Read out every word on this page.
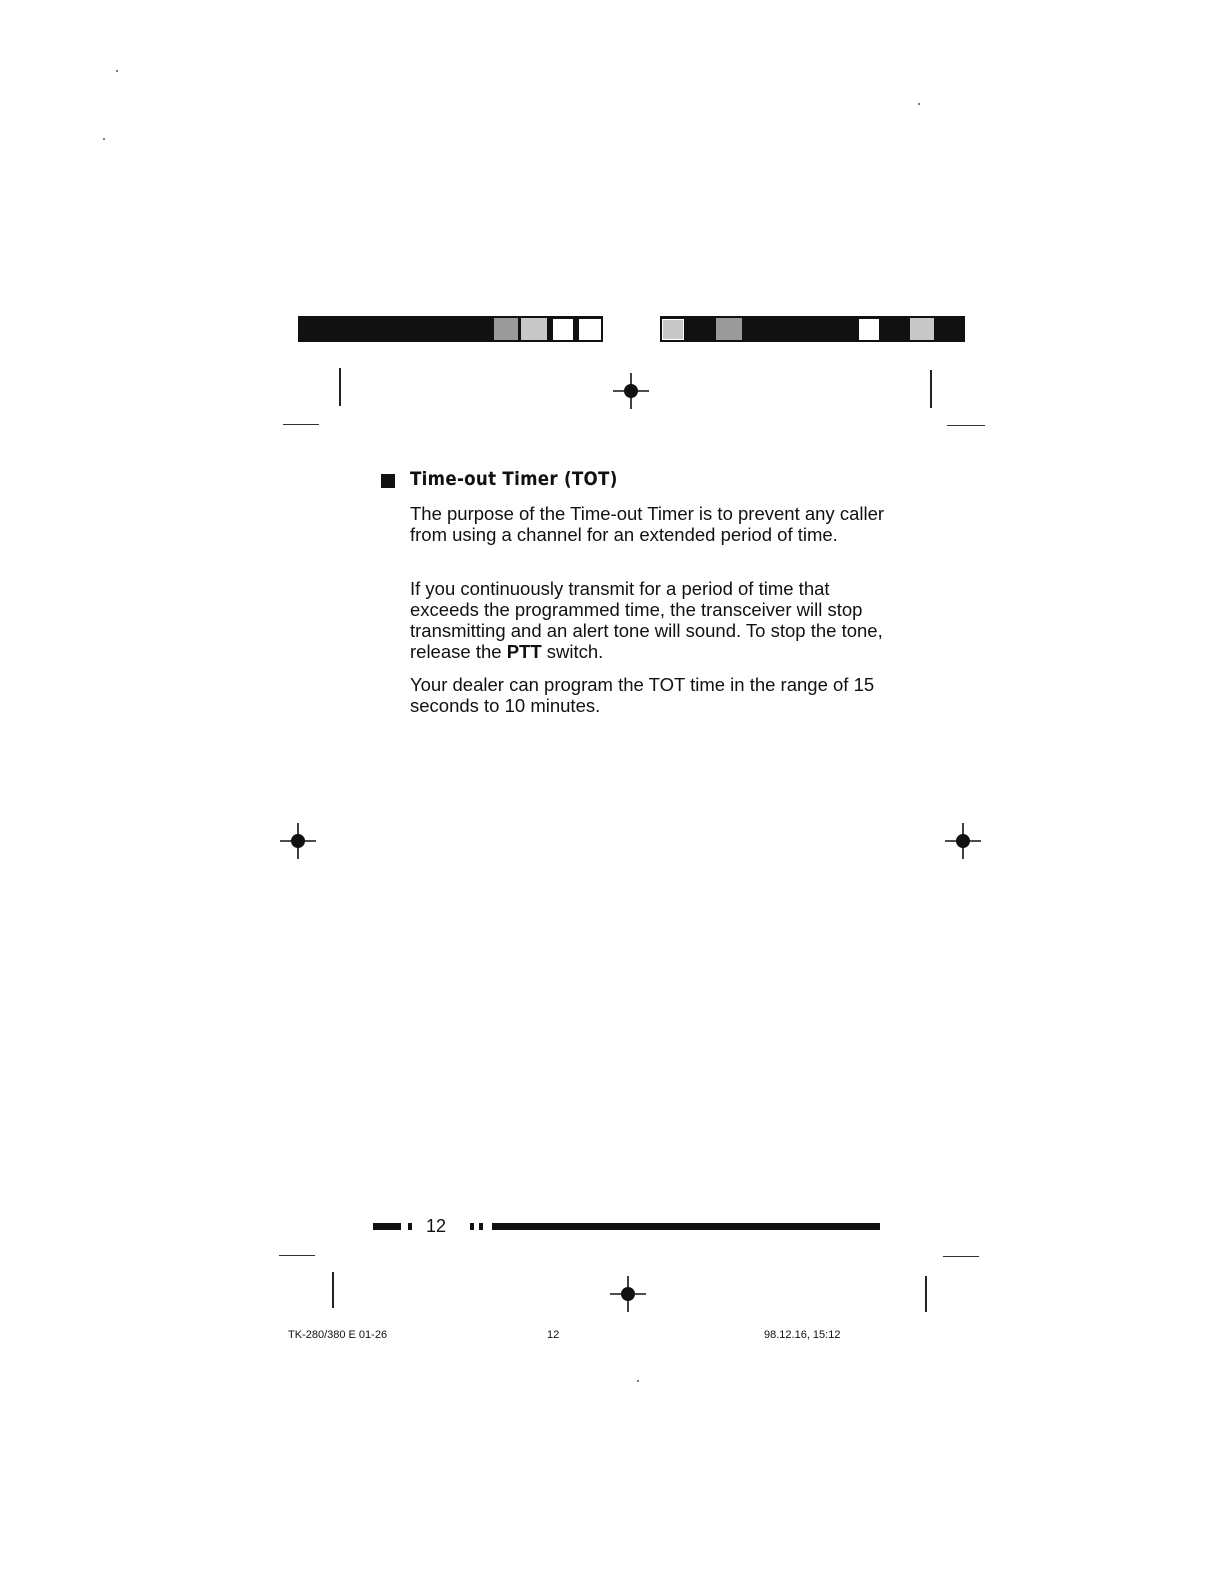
Time-out Timer (TOT)

The purpose of the Time-out Timer is to prevent any caller from using a channel for an extended period of time.

If you continuously transmit for a period of time that exceeds the programmed time, the transceiver will stop transmitting and an alert tone will sound. To stop the tone, release the PTT switch.

Your dealer can program the TOT time in the range of 15 seconds to 10 minutes.

12
TK-280/380 E 01-26	12	98.12.16, 15:12
